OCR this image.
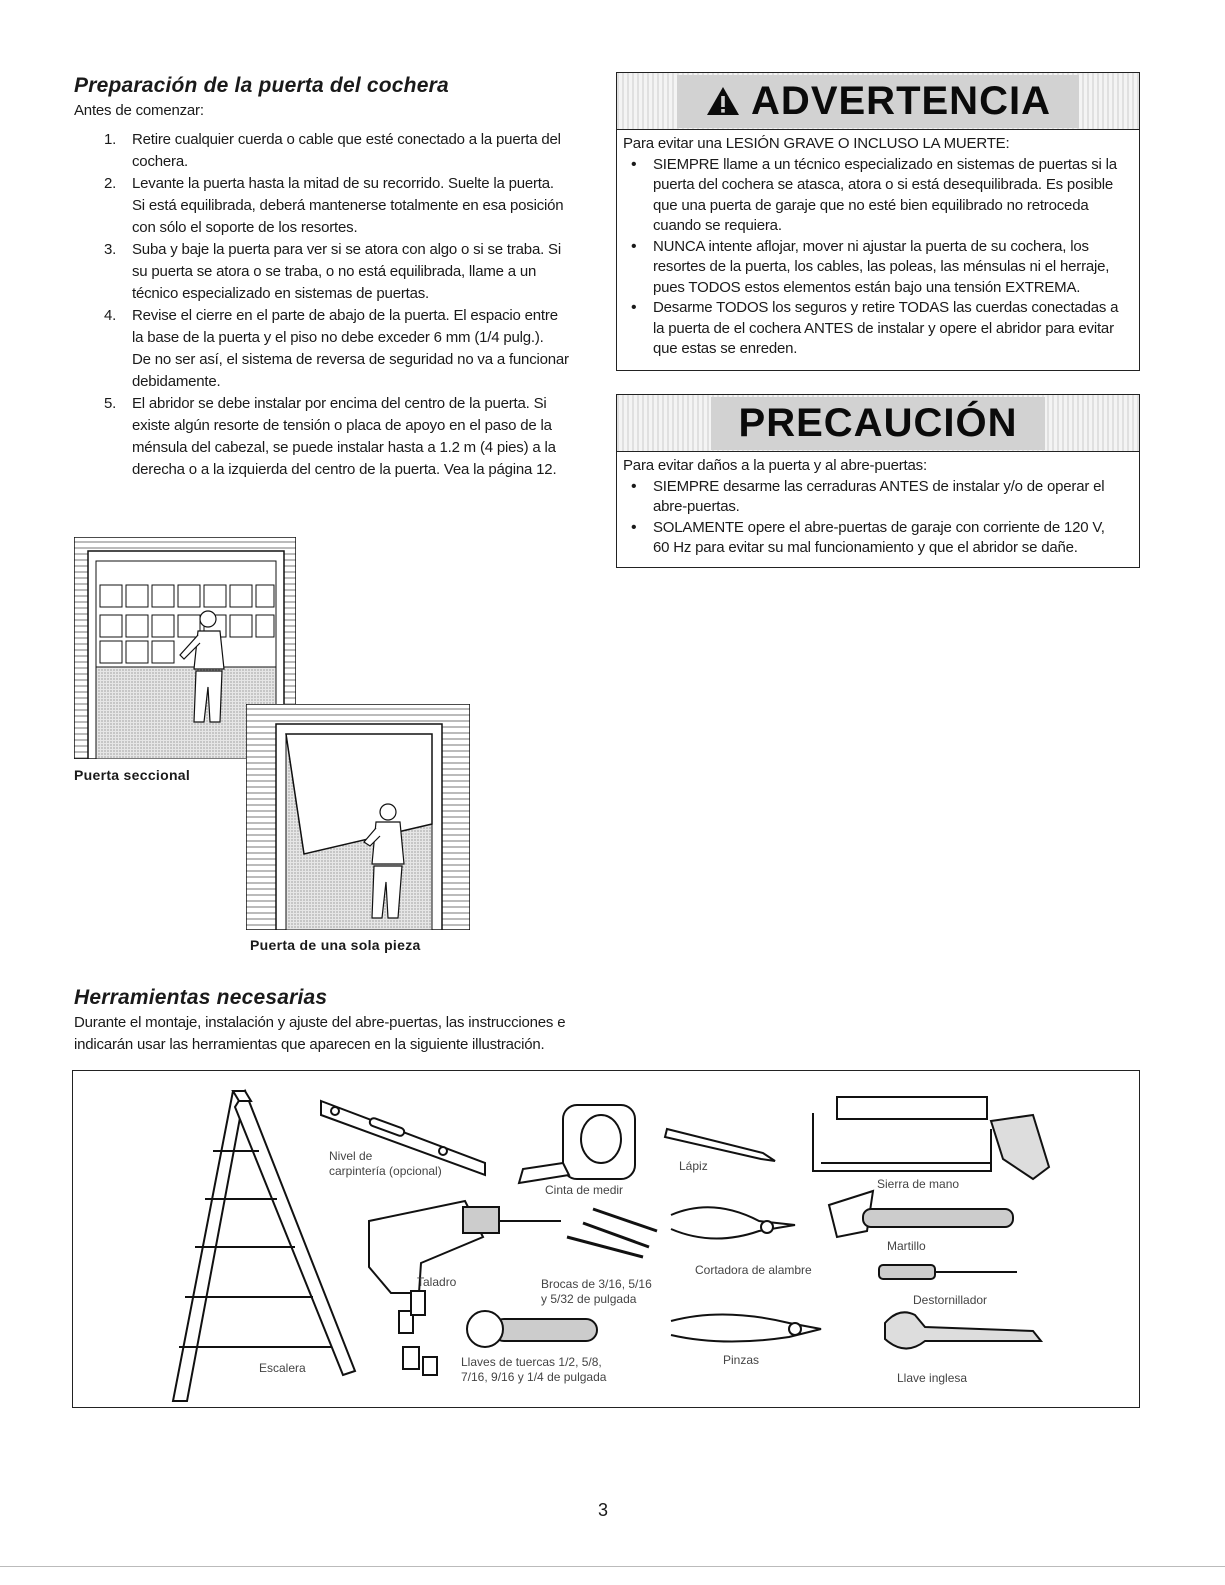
Preparación de la puerta del cochera
Antes de comenzar:
1. Retire cualquier cuerda o cable que esté conectado a la puerta del
cochera.
2. Levante la puerta hasta la mitad de su recorrido. Suelte la puerta.
Si está equilibrada, deberá mantenerse totalmente en esa posición
con sólo el soporte de los resortes.
3. Suba y baje la puerta para ver si se atora con algo o si se traba. Si
su puerta se atora o se traba, o no está equilibrada, llame a un
técnico especializado en sistemas de puertas.
4. Revise el cierre en el parte de abajo de la puerta. El espacio entre
la base de la puerta y el piso no debe exceder 6 mm (1/4 pulg.).
De no ser así, el sistema de reversa de seguridad no va a funcionar
debidamente.
5. El abridor se debe instalar por encima del centro de la puerta. Si
existe algún resorte de tensión o placa de apoyo en el paso de la
ménsula del cabezal, se puede instalar hasta a 1.2 m (4 pies) a la
derecha o a la izquierda del centro de la puerta. Vea la página 12.
Puerta seccional
Puerta de una sola pieza
ADVERTENCIA
Para evitar una LESIÓN GRAVE O INCLUSO LA MUERTE:
• SIEMPRE llame a un técnico especializado en sistemas de puertas si la
puerta del cochera se atasca, atora o si está desequilibrada. Es posible
que una puerta de garaje que no esté bien equilibrado no retroceda
cuando se requiera.
• NUNCA intente aflojar, mover ni ajustar la puerta de su cochera, los
resortes de la puerta, los cables, las poleas, las ménsulas ni el herraje,
pues TODOS estos elementos están bajo una tensión EXTREMA.
• Desarme TODOS los seguros y retire TODAS las cuerdas conectadas a
la puerta de el cochera ANTES de instalar y opere el abridor para evitar
que estas se enreden.
PRECAUCIÓN
Para evitar daños a la puerta y al abre-puertas:
• SIEMPRE desarme las cerraduras ANTES de instalar y/o de operar el
abre-puertas.
• SOLAMENTE opere el abre-puertas de garaje con corriente de 120 V,
60 Hz para evitar su mal funcionamiento y que el abridor se dañe.
Herramientas necesarias
Durante el montaje, instalación y ajuste del abre-puertas, las instrucciones e
indicarán usar las herramientas que aparecen en la siguiente illustración.
Nivel de
carpintería (opcional)
Cinta de medir
Lápiz
Sierra de mano
Martillo
Taladro	Brocas de 3/16, 5/16
y 5/32 de pulgada
Cortadora de alambre
Destornillador
Escalera	Llaves de tuercas 1/2, 5/8,
7/16, 9/16 y 1/4 de pulgada
Pinzas
Llave inglesa
3
